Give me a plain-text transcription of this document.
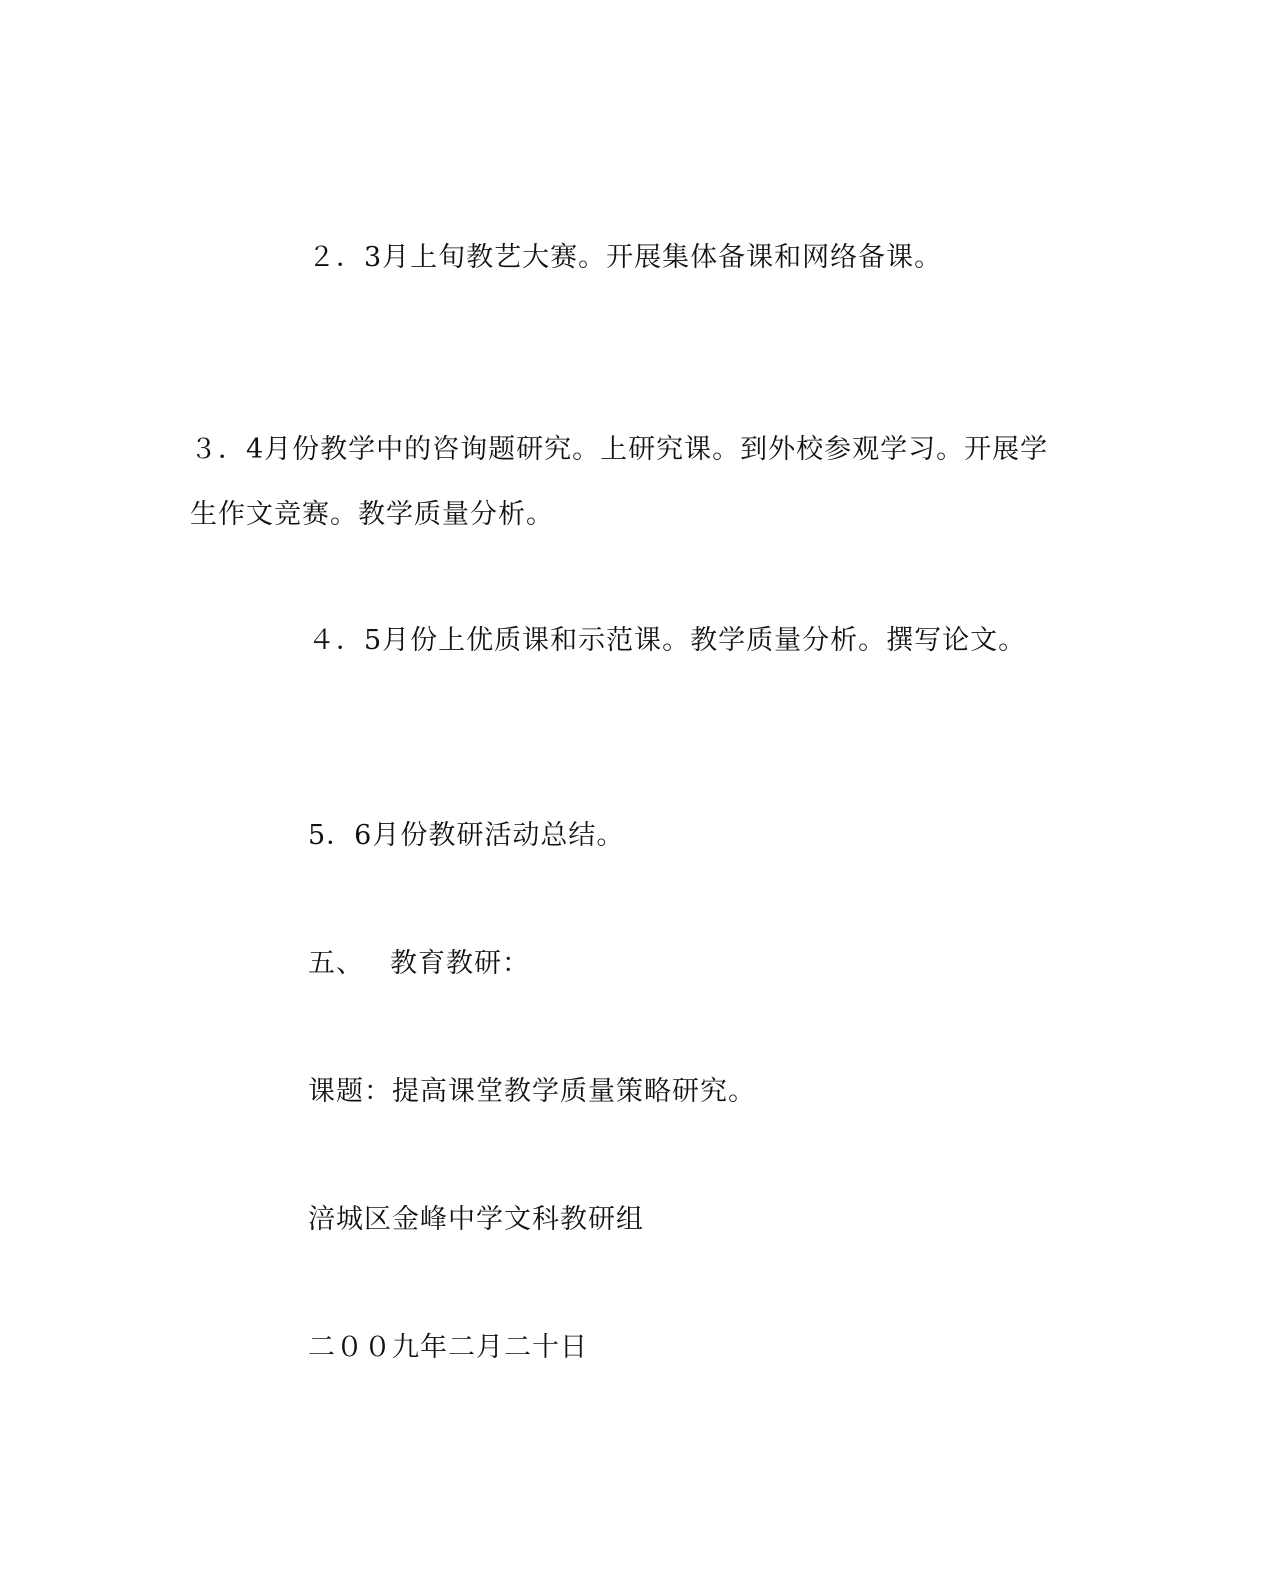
２．3月上旬教艺大赛。开展集体备课和网络备课。
３．4月份教学中的咨询题研究。上研究课。到外校参观学习。开展学
生作文竞赛。教学质量分析。
４．5月份上优质课和示范课。教学质量分析。撰写论文。
5．6月份教研活动总结。
五、 教育教研：
课题：提高课堂教学质量策略研究。
涪城区金峰中学文科教研组
二００九年二月二十日
